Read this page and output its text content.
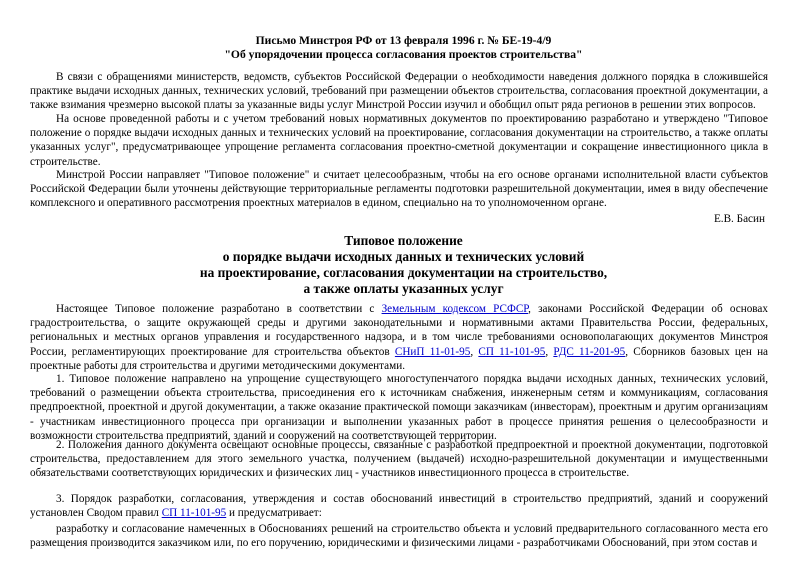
Письмо Минстроя РФ от 13 февраля 1996 г. № БЕ-19-4/9
"Об упорядочении процесса согласования проектов строительства"

В связи с обращениями министерств, ведомств, субъектов Российской Федерации о необходимости наведения должного порядка в сложившейся практике выдачи исходных данных, технических условий, требований при размещении объектов строительства, согласования проектной документации, а также взимания чрезмерно высокой платы за указанные виды услуг Минстрой России изучил и обобщил опыт ряда регионов в решении этих вопросов.

На основе проведенной работы и с учетом требований новых нормативных документов по проектированию разработано и утверждено "Типовое положение о порядке выдачи исходных данных и технических условий на проектирование, согласования документации на строительство, а также оплаты указанных услуг", предусматривающее упрощение регламента согласования проектно-сметной документации и сокращение инвестиционного цикла в строительстве.

Минстрой России направляет "Типовое положение" и считает целесообразным, чтобы на его основе органами исполнительной власти субъектов Российской Федерации были уточнены действующие территориальные регламенты подготовки разрешительной документации, имея в виду обеспечение комплексного и оперативного рассмотрения проектных материалов в едином, специально на то уполномоченном органе.

Е.В. Басин
Типовое положение
о порядке выдачи исходных данных и технических условий
на проектирование, согласования документации на строительство,
а также оплаты указанных услуг

Настоящее Типовое положение разработано в соответствии с Земельным кодексом РСФСР, законами Российской Федерации об основах градостроительства, о защите окружающей среды и другими законодательными и нормативными актами Правительства России, федеральных, региональных и местных органов управления и государственного надзора, и в том числе требованиями основополагающих документов Минстроя России, регламентирующих проектирование для строительства объектов СНиП 11-01-95, СП 11-101-95, РДС 11-201-95, Сборников базовых цен на проектные работы для строительства и другими методическими документами.

1. Типовое положение направлено на упрощение существующего многоступенчатого порядка выдачи исходных данных, технических условий, требований о размещении объекта строительства, присоединения его к источникам снабжения, инженерным сетям и коммуникациям, согласования предпроектной, проектной и другой документации, а также оказание практической помощи заказчикам (инвесторам), проектным и другим организациям - участникам инвестиционного процесса при организации и выполнении указанных работ в процессе принятия решения о целесообразности и возможности строительства предприятий, зданий и сооружений на соответствующей территории.

2. Положения данного документа освещают основные процессы, связанные с разработкой предпроектной и проектной документации, подготовкой строительства, предоставлением для этого земельного участка, получением (выдачей) исходно-разрешительной документации и имущественными обязательствами соответствующих юридических и физических лиц - участников инвестиционного процесса в строительстве.

3. Порядок разработки, согласования, утверждения и состав обоснований инвестиций в строительство предприятий, зданий и сооружений установлен Сводом правил СП 11-101-95 и предусматривает:

разработку и согласование намеченных в Обоснованиях решений на строительство объекта и условий предварительного согласованного места его размещения производится заказчиком или, по его поручению, юридическими и физическими лицами - разработчиками Обоснований, при этом состав и
